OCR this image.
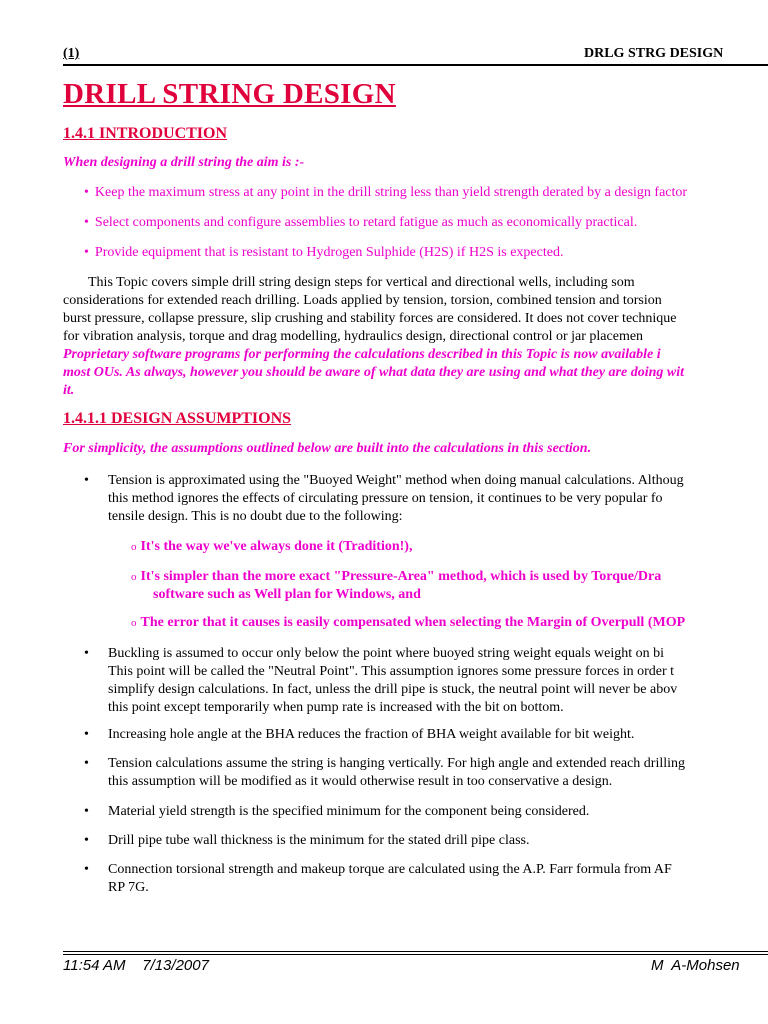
(1)	DRLG STRG DESIGN
DRILL STRING DESIGN
1.4.1 INTRODUCTION
When designing a drill string the aim is :-
• Keep the maximum stress at any point in the drill string less than yield strength derated by a design factor
• Select components and configure assemblies to retard fatigue as much as economically practical.
• Provide equipment that is resistant to Hydrogen Sulphide (H2S) if H2S is expected.

This Topic covers simple drill string design steps for vertical and directional wells, including som

considerations for extended reach drilling. Loads applied by tension, torsion, combined tension and torsion

burst pressure, collapse pressure, slip crushing and stability forces are considered. It does not cover technique

for vibration analysis, torque and drag modelling, hydraulics design, directional control or jar placemen

Proprietary software programs for performing the calculations described in this Topic is now available i

most OUs. As always, however you should be aware of what data they are using and what they are doing wit

it.

1.4.1.1 DESIGN ASSUMPTIONS
For simplicity, the assumptions outlined below are built into the calculations in this section.
• Tension is approximated using the "Buoyed Weight" method when doing manual calculations. Althoug
this method ignores the effects of circulating pressure on tension, it continues to be very popular fo
tensile design. This is no doubt due to the following:
o It's the way we've always done it (Tradition!),
o It's simpler than the more exact "Pressure-Area" method, which is used by Torque/Dra
software such as Well plan for Windows, and
o The error that it causes is easily compensated when selecting the Margin of Overpull (MOP
• Buckling is assumed to occur only below the point where buoyed string weight equals weight on bi
This point will be called the "Neutral Point". This assumption ignores some pressure forces in order t
simplify design calculations. In fact, unless the drill pipe is stuck, the neutral point will never be abov
this point except temporarily when pump rate is increased with the bit on bottom.
• Increasing hole angle at the BHA reduces the fraction of BHA weight available for bit weight.
• Tension calculations assume the string is hanging vertically. For high angle and extended reach drilling
this assumption will be modified as it would otherwise result in too conservative a design.
• Material yield strength is the specified minimum for the component being considered.
• Drill pipe tube wall thickness is the minimum for the stated drill pipe class.
• Connection torsional strength and makeup torque are calculated using the A.P. Farr formula from AF
RP 7G.
11:54 AM    7/13/2007	M  A-Mohsen
